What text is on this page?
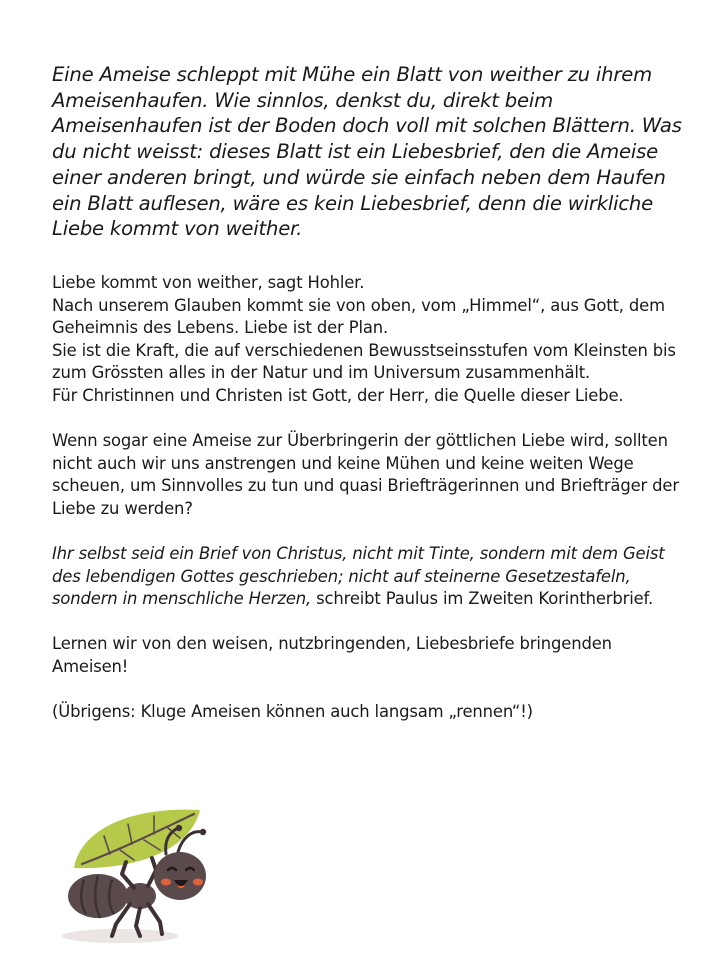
Eine Ameise schleppt mit Mühe ein Blatt von weither zu ihrem Ameisenhaufen. Wie sinnlos, denkst du, direkt beim Ameisenhaufen ist der Boden doch voll mit solchen Blättern. Was du nicht weisst: dieses Blatt ist ein Liebesbrief, den die Ameise einer anderen bringt, und würde sie einfach neben dem Haufen ein Blatt auflesen, wäre es kein Liebesbrief, denn die wirkliche Liebe kommt von weither.

Liebe kommt von weither, sagt Hohler.
Nach unserem Glauben kommt sie von oben, vom „Himmel“, aus Gott, dem Geheimnis des Lebens. Liebe ist der Plan.
Sie ist die Kraft, die auf verschiedenen Bewusstseinsstufen vom Kleinsten bis zum Grössten alles in der Natur und im Universum zusammenhält.
Für Christinnen und Christen ist Gott, der Herr, die Quelle dieser Liebe.

Wenn sogar eine Ameise zur Überbringerin der göttlichen Liebe wird, sollten nicht auch wir uns anstrengen und keine Mühen und keine weiten Wege scheuen, um Sinnvolles zu tun und quasi Briefträgerinnen und Briefträger der Liebe zu werden?

Ihr selbst seid ein Brief von Christus, nicht mit Tinte, sondern mit dem Geist des lebendigen Gottes geschrieben; nicht auf steinerne Gesetzestafeln, sondern in menschliche Herzen, schreibt Paulus im Zweiten Korintherbrief.

Lernen wir von den weisen, nutzbringenden, Liebesbriefe bringenden Ameisen!

(Übrigens: Kluge Ameisen können auch langsam „rennen“!)
